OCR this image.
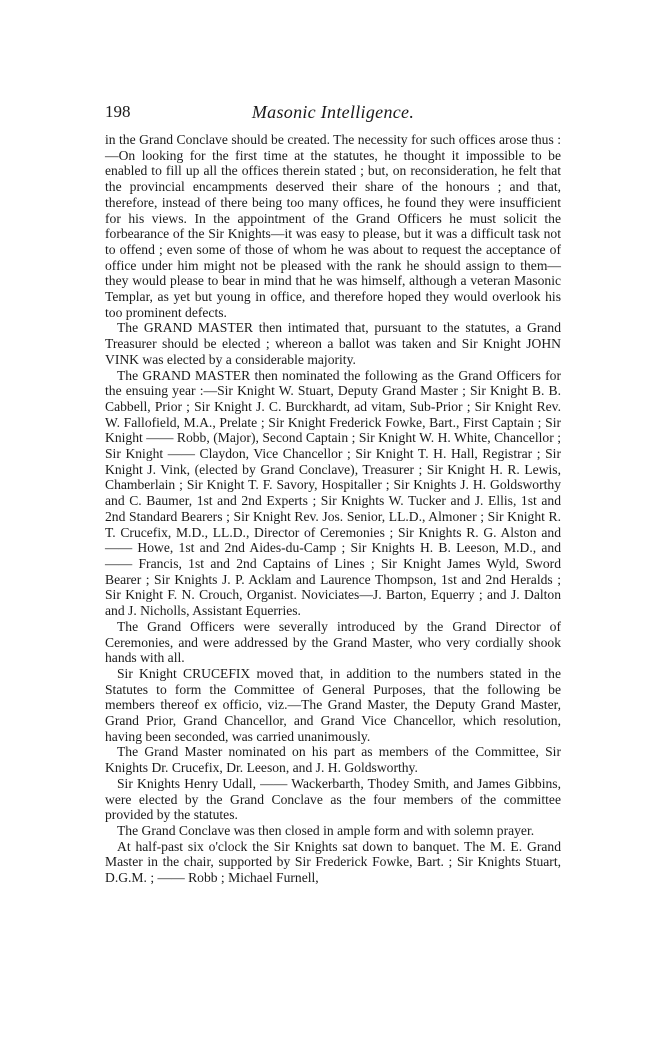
198	Masonic Intelligence.

in the Grand Conclave should be created. The necessity for such offices arose thus :—On looking for the first time at the statutes, he thought it impossible to be enabled to fill up all the offices therein stated ; but, on reconsideration, he felt that the provincial encampments deserved their share of the honours ; and that, therefore, instead of there being too many offices, he found they were insufficient for his views. In the appointment of the Grand Officers he must solicit the forbearance of the Sir Knights—it was easy to please, but it was a difficult task not to offend ; even some of those of whom he was about to request the acceptance of office under him might not be pleased with the rank he should assign to them—they would please to bear in mind that he was himself, although a veteran Masonic Templar, as yet but young in office, and therefore hoped they would overlook his too prominent defects.

The GRAND MASTER then intimated that, pursuant to the statutes, a Grand Treasurer should be elected ; whereon a ballot was taken and Sir Knight JOHN VINK was elected by a considerable majority.

The GRAND MASTER then nominated the following as the Grand Officers for the ensuing year :—Sir Knight W. Stuart, Deputy Grand Master ; Sir Knight B. B. Cabbell, Prior ; Sir Knight J. C. Burckhardt, ad vitam, Sub-Prior ; Sir Knight Rev. W. Fallofield, M.A., Prelate ; Sir Knight Frederick Fowke, Bart., First Captain ; Sir Knight —— Robb, (Major), Second Captain ; Sir Knight W. H. White, Chancellor ; Sir Knight —— Claydon, Vice Chancellor ; Sir Knight T. H. Hall, Registrar ; Sir Knight J. Vink, (elected by Grand Conclave), Treasurer ; Sir Knight H. R. Lewis, Chamberlain ; Sir Knight T. F. Savory, Hospitaller ; Sir Knights J. H. Goldsworthy and C. Baumer, 1st and 2nd Experts ; Sir Knights W. Tucker and J. Ellis, 1st and 2nd Standard Bearers ; Sir Knight Rev. Jos. Senior, LL.D., Almoner ; Sir Knight R. T. Crucefix, M.D., LL.D., Director of Ceremonies ; Sir Knights R. G. Alston and —— Howe, 1st and 2nd Aides-du-Camp ; Sir Knights H. B. Leeson, M.D., and —— Francis, 1st and 2nd Captains of Lines ; Sir Knight James Wyld, Sword Bearer ; Sir Knights J. P. Acklam and Laurence Thompson, 1st and 2nd Heralds ; Sir Knight F. N. Crouch, Organist. Noviciates—J. Barton, Equerry ; and J. Dalton and J. Nicholls, Assistant Equerries.

The Grand Officers were severally introduced by the Grand Director of Ceremonies, and were addressed by the Grand Master, who very cordially shook hands with all.

Sir Knight CRUCEFIX moved that, in addition to the numbers stated in the Statutes to form the Committee of General Purposes, that the following be members thereof ex officio, viz.—The Grand Master, the Deputy Grand Master, Grand Prior, Grand Chancellor, and Grand Vice Chancellor, which resolution, having been seconded, was carried unanimously.

The Grand Master nominated on his part as members of the Committee, Sir Knights Dr. Crucefix, Dr. Leeson, and J. H. Goldsworthy.

Sir Knights Henry Udall, —— Wackerbarth, Thodey Smith, and James Gibbins, were elected by the Grand Conclave as the four members of the committee provided by the statutes.

The Grand Conclave was then closed in ample form and with solemn prayer.

At half-past six o'clock the Sir Knights sat down to banquet. The M. E. Grand Master in the chair, supported by Sir Frederick Fowke, Bart. ; Sir Knights Stuart, D.G.M. ; —— Robb ; Michael Furnell,
